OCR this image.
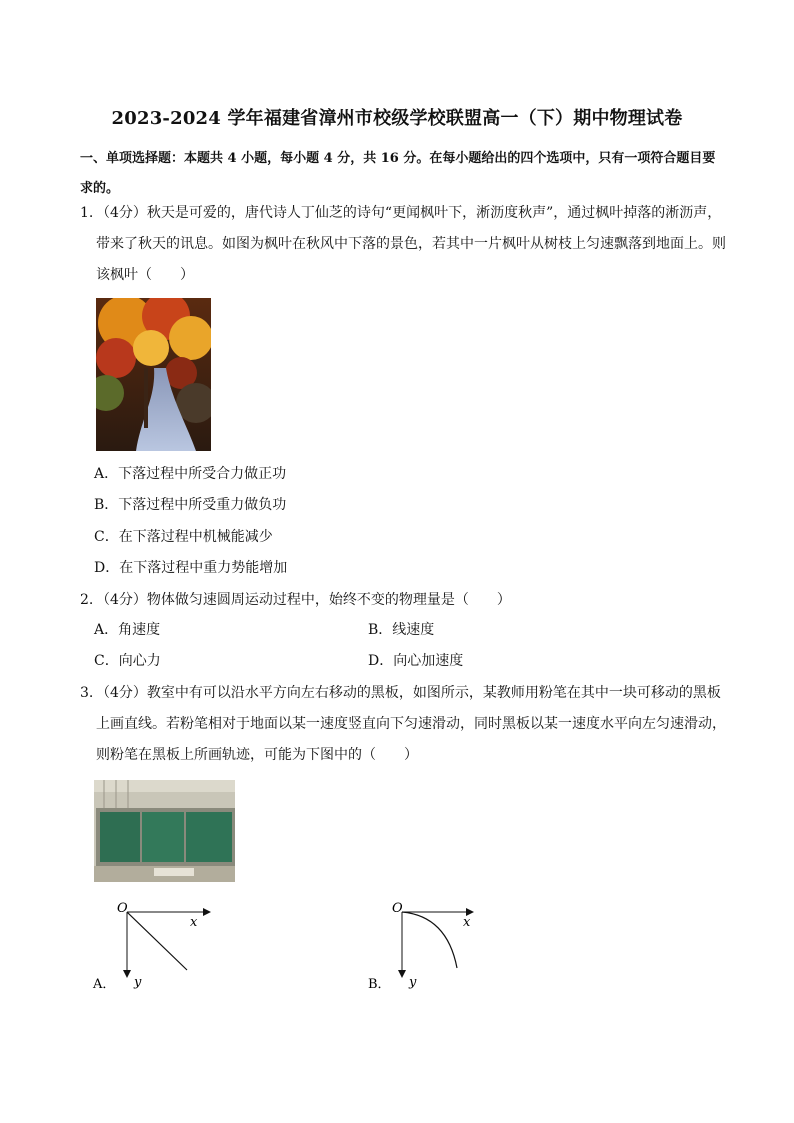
2023-2024 学年福建省漳州市校级学校联盟高一（下）期中物理试卷
一、单项选择题：本题共 4 小题，每小题 4 分，共 16 分。在每小题给出的四个选项中，只有一项符合题目要求的。
1. （4分）秋天是可爱的，唐代诗人丁仙芝的诗句“更闻枫叶下，淅沥度秋声”，通过枫叶掉落的淅沥声，带来了秋天的讯息。如图为枫叶在秋风中下落的景色，若其中一片枫叶从树枝上匀速飘落到地面上。则该枫叶（　　）
A．下落过程中所受合力做正功
B．下落过程中所受重力做负功
C．在下落过程中机械能减少
D．在下落过程中重力势能增加
2. （4分）物体做匀速圆周运动过程中，始终不变的物理量是（　　）
A．角速度	B．线速度
C．向心力	D．向心加速度
3. （4分）教室中有可以沿水平方向左右移动的黑板，如图所示，某教师用粉笔在其中一块可移动的黑板上画直线。若粉笔相对于地面以某一速度竖直向下匀速滑动，同时黑板以某一速度水平向左匀速滑动，则粉笔在黑板上所画轨迹，可能为下图中的（　　）
O
x
y
A．
O
x
y
B．
